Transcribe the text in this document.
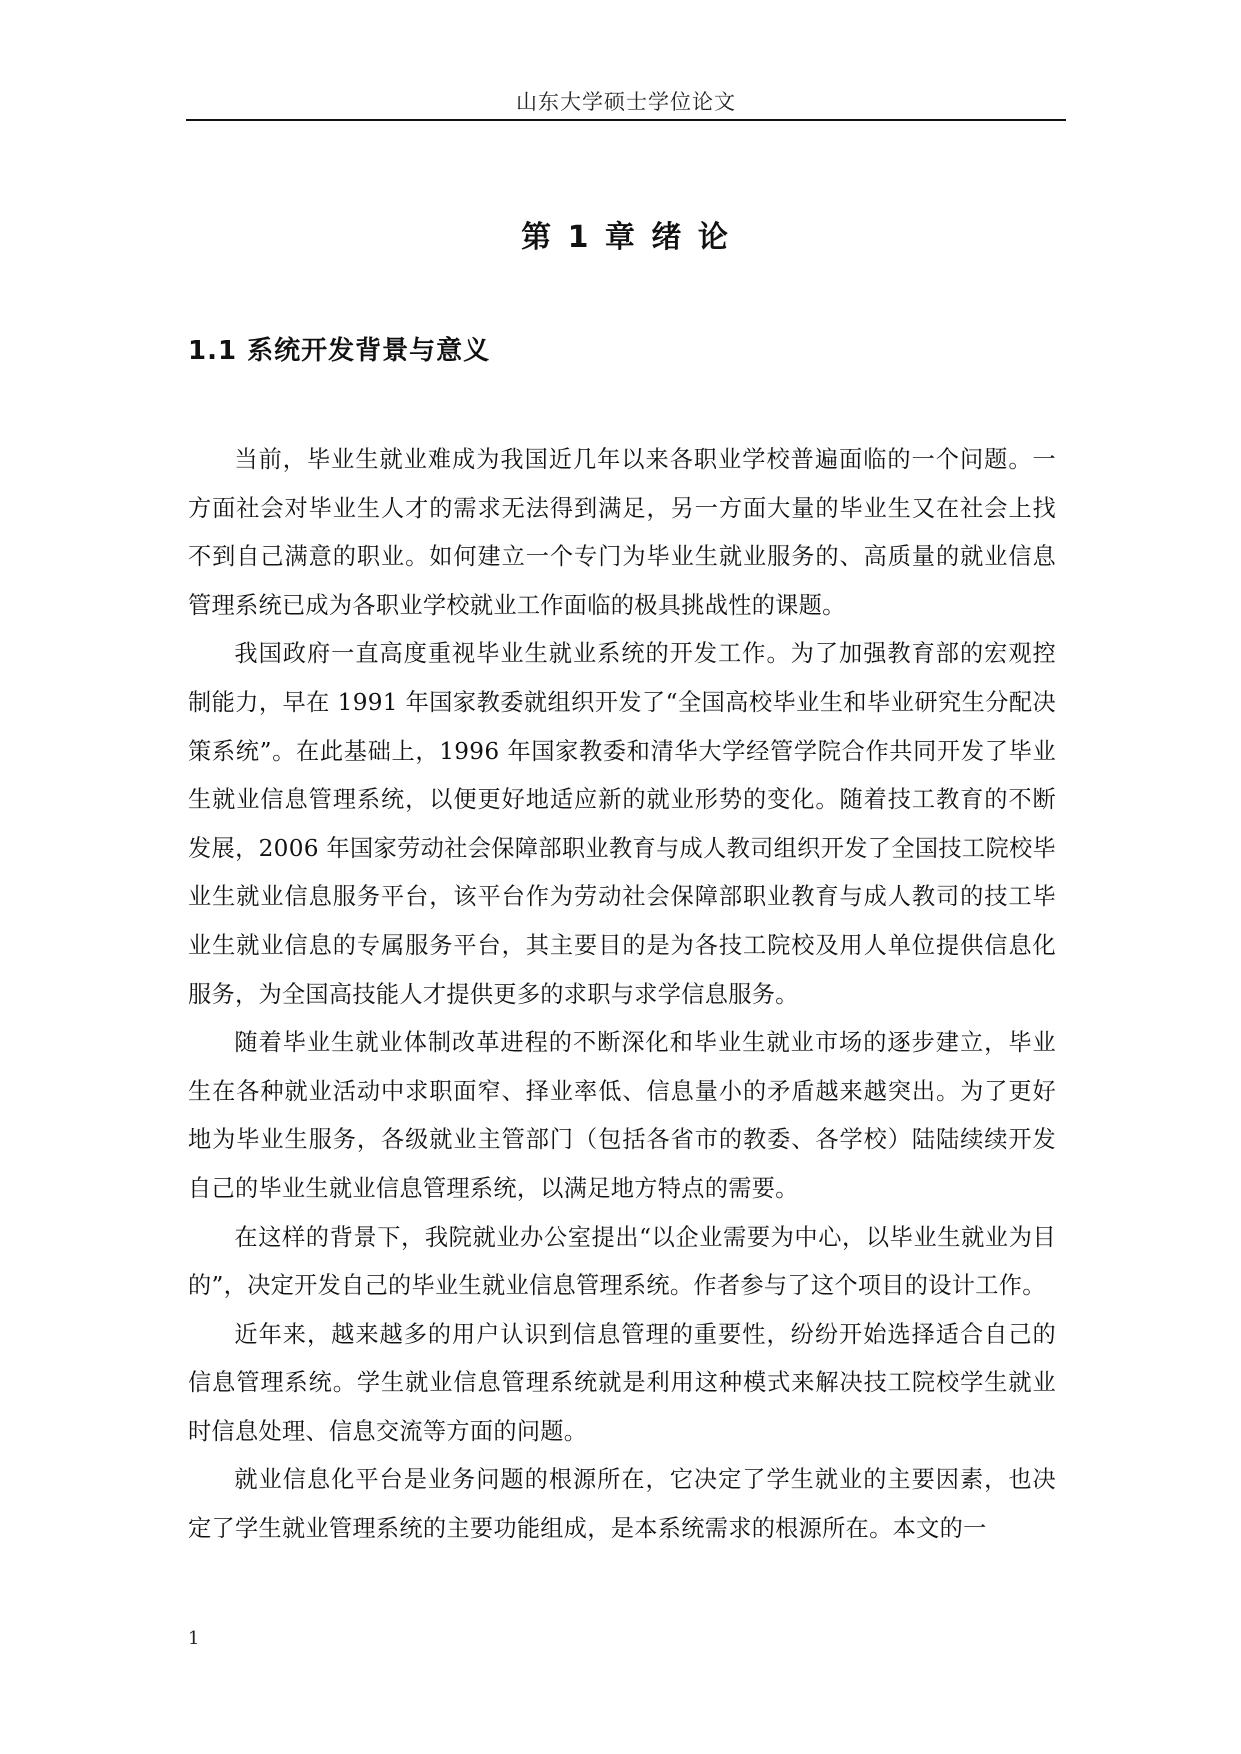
山东大学硕士学位论文
第 1 章 绪 论
1.1 系统开发背景与意义

当前，毕业生就业难成为我国近几年以来各职业学校普遍面临的一个问题。一方面社会对毕业生人才的需求无法得到满足，另一方面大量的毕业生又在社会上找不到自己满意的职业。如何建立一个专门为毕业生就业服务的、高质量的就业信息管理系统已成为各职业学校就业工作面临的极具挑战性的课题。

我国政府一直高度重视毕业生就业系统的开发工作。为了加强教育部的宏观控制能力，早在 1991 年国家教委就组织开发了“全国高校毕业生和毕业研究生分配决策系统”。在此基础上，1996 年国家教委和清华大学经管学院合作共同开发了毕业生就业信息管理系统，以便更好地适应新的就业形势的变化。随着技工教育的不断发展，2006 年国家劳动社会保障部职业教育与成人教司组织开发了全国技工院校毕业生就业信息服务平台，该平台作为劳动社会保障部职业教育与成人教司的技工毕业生就业信息的专属服务平台，其主要目的是为各技工院校及用人单位提供信息化服务，为全国高技能人才提供更多的求职与求学信息服务。

随着毕业生就业体制改革进程的不断深化和毕业生就业市场的逐步建立，毕业生在各种就业活动中求职面窄、择业率低、信息量小的矛盾越来越突出。为了更好地为毕业生服务，各级就业主管部门（包括各省市的教委、各学校）陆陆续续开发自己的毕业生就业信息管理系统，以满足地方特点的需要。

在这样的背景下，我院就业办公室提出“以企业需要为中心，以毕业生就业为目的”，决定开发自己的毕业生就业信息管理系统。作者参与了这个项目的设计工作。

近年来，越来越多的用户认识到信息管理的重要性，纷纷开始选择适合自己的信息管理系统。学生就业信息管理系统就是利用这种模式来解决技工院校学生就业时信息处理、信息交流等方面的问题。

就业信息化平台是业务问题的根源所在，它决定了学生就业的主要因素，也决定了学生就业管理系统的主要功能组成，是本系统需求的根源所在。本文的一

1
